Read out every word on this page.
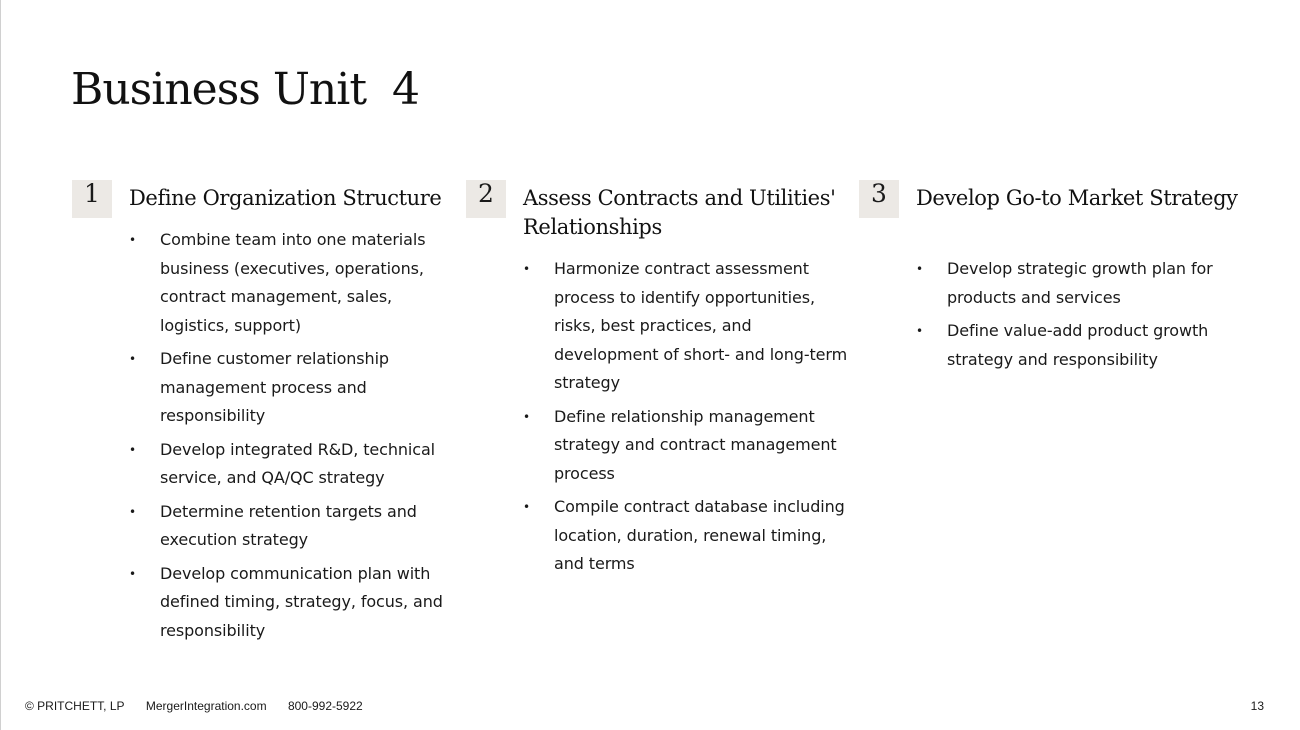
Business Unit  4
1	Define Organization Structure
• Combine team into one materials business (executives, operations, contract management, sales, logistics, support)
• Define customer relationship management process and responsibility
• Develop integrated R&D, technical service, and QA/QC strategy
• Determine retention targets and execution strategy
• Develop communication plan with defined timing, strategy, focus, and responsibility
2	Assess Contracts and Utilities' Relationships
• Harmonize contract assessment process to identify opportunities, risks, best practices, and development of short- and long-term strategy
• Define relationship management strategy and contract management process
• Compile contract database including location, duration, renewal timing, and terms
3	Develop Go-to Market Strategy
• Develop strategic growth plan for products and services
• Define value-add product growth strategy and responsibility
© PRITCHETT, LP MergerIntegration.com 800-992-5922	13
